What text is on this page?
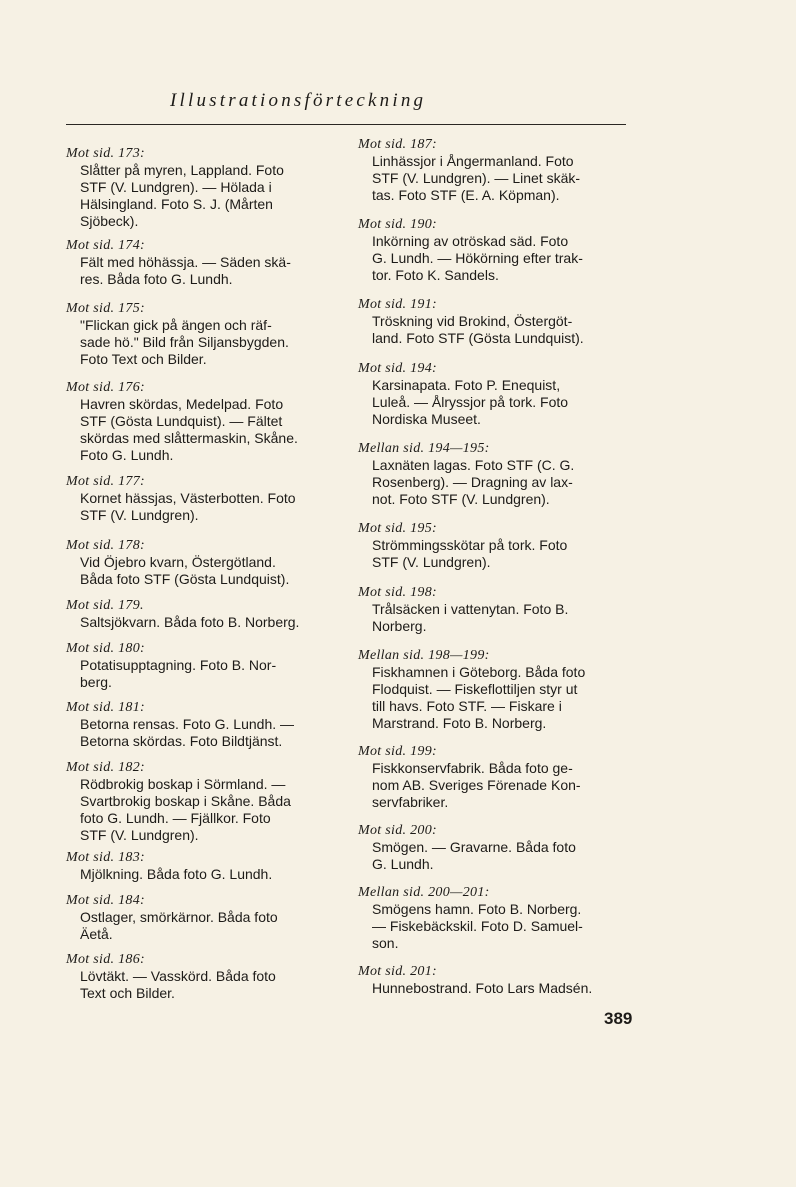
Illustrationsförteckning
Mot sid. 173:
Slåtter på myren, Lappland. Foto
STF (V. Lundgren). — Hölada i
Hälsingland. Foto S. J. (Mårten
Sjöbeck).
Mot sid. 174:
Fält med höhässja. — Säden skä-
res. Båda foto G. Lundh.
Mot sid. 175:
"Flickan gick på ängen och räf-
sade hö." Bild från Siljansbygden.
Foto Text och Bilder.
Mot sid. 176:
Havren skördas, Medelpad. Foto
STF (Gösta Lundquist). — Fältet
skördas med slåttermaskin, Skåne.
Foto G. Lundh.
Mot sid. 177:
Kornet hässjas, Västerbotten. Foto
STF (V. Lundgren).
Mot sid. 178:
Vid Öjebro kvarn, Östergötland.
Båda foto STF (Gösta Lundquist).
Mot sid. 179.
Saltsjökvarn. Båda foto B. Norberg.
Mot sid. 180:
Potatisupptagning. Foto B. Nor-
berg.
Mot sid. 181:
Betorna rensas. Foto G. Lundh. —
Betorna skördas. Foto Bildtjänst.
Mot sid. 182:
Rödbrokig boskap i Sörmland. —
Svartbrokig boskap i Skåne. Båda
foto G. Lundh. — Fjällkor. Foto
STF (V. Lundgren).
Mot sid. 183:
Mjölkning. Båda foto G. Lundh.
Mot sid. 184:
Ostlager, smörkärnor. Båda foto
Äetå.
Mot sid. 186:
Lövtäkt. — Vasskörd. Båda foto
Text och Bilder.
Mot sid. 187:
Linhässjor i Ångermanland. Foto
STF (V. Lundgren). — Linet skäk-
tas. Foto STF (E. A. Köpman).
Mot sid. 190:
Inkörning av otröskad säd. Foto
G. Lundh. — Hökörning efter trak-
tor. Foto K. Sandels.
Mot sid. 191:
Tröskning vid Brokind, Östergöt-
land. Foto STF (Gösta Lundquist).
Mot sid. 194:
Karsinapata. Foto P. Enequist,
Luleå. — Ålryssjor på tork. Foto
Nordiska Museet.
Mellan sid. 194—195:
Laxnäten lagas. Foto STF (C. G.
Rosenberg). — Dragning av lax-
not. Foto STF (V. Lundgren).
Mot sid. 195:
Strömmingsskötar på tork. Foto
STF (V. Lundgren).
Mot sid. 198:
Trålsäcken i vattenytan. Foto B.
Norberg.
Mellan sid. 198—199:
Fiskhamnen i Göteborg. Båda foto
Flodquist. — Fiskeflottiljen styr ut
till havs. Foto STF. — Fiskare i
Marstrand. Foto B. Norberg.
Mot sid. 199:
Fiskkonservfabrik. Båda foto ge-
nom AB. Sveriges Förenade Kon-
servfabriker.
Mot sid. 200:
Smögen. — Gravarne. Båda foto
G. Lundh.
Mellan sid. 200—201:
Smögens hamn. Foto B. Norberg.
— Fiskebäckskil. Foto D. Samuel-
son.
Mot sid. 201:
Hunnebostrand. Foto Lars Madsén.
389
